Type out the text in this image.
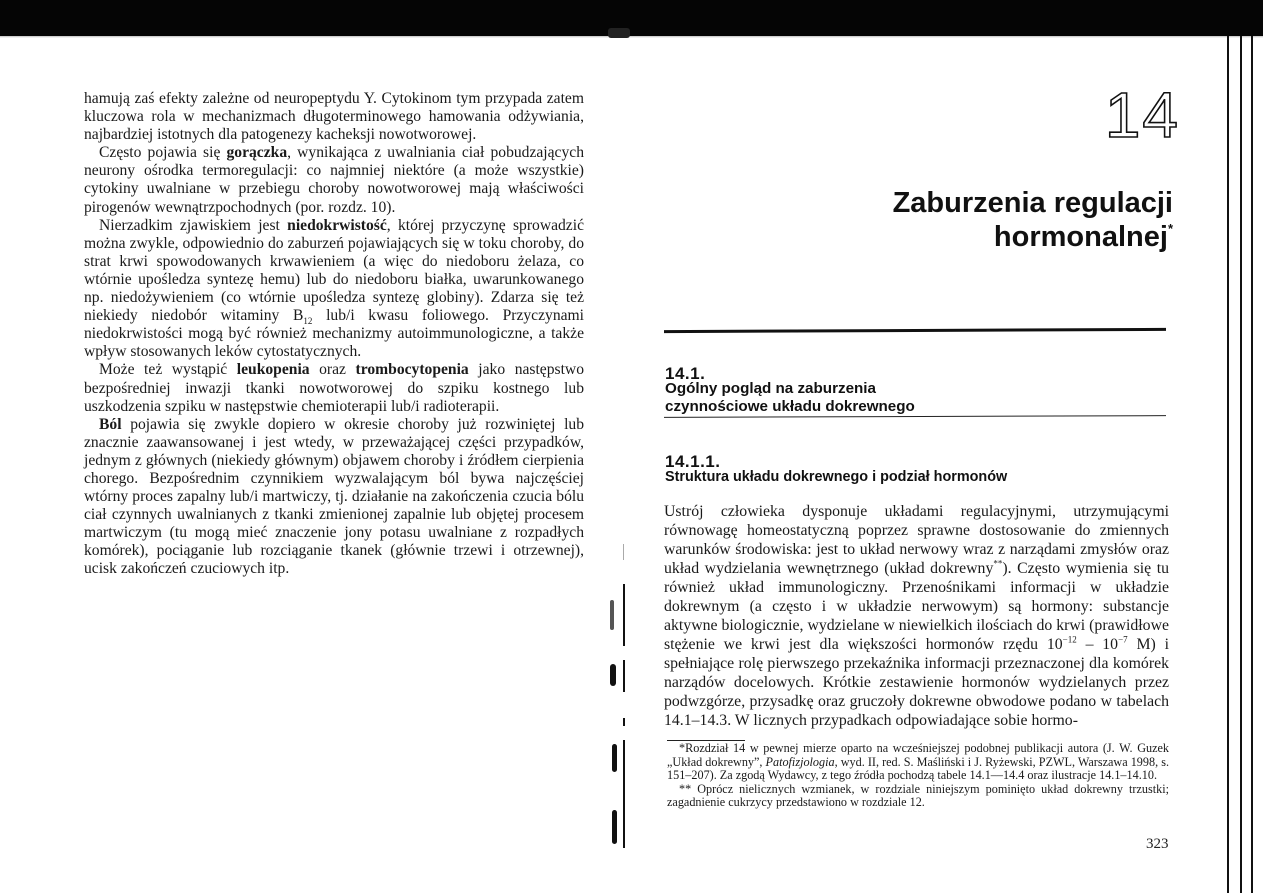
hamują zaś efekty zależne od neuropeptydu Y. Cytokinom tym przypada zatem kluczowa rola w mechanizmach długoterminowego hamowania odżywiania, najbardziej istotnych dla patogenezy kacheksji nowotworowej.

Często pojawia się gorączka, wynikająca z uwalniania ciał pobudzających neurony ośrodka termoregulacji: co najmniej niektóre (a może wszystkie) cytokiny uwalniane w przebiegu choroby nowotworowej mają właściwości pirogenów wewnątrzpochodnych (por. rozdz. 10).

Nierzadkim zjawiskiem jest niedokrwistość, której przyczynę sprowadzić można zwykle, odpowiednio do zaburzeń pojawiających się w toku choroby, do strat krwi spowodowanych krwawieniem (a więc do niedoboru żelaza, co wtórnie upośledza syntezę hemu) lub do niedoboru białka, uwarunkowanego np. niedożywieniem (co wtórnie upośledza syntezę globiny). Zdarza się też niekiedy niedobór witaminy $B_{12}$ lub/i kwasu foliowego. Przyczynami niedokrwistości mogą być również mechanizmy autoimmunologiczne, a także wpływ stosowanych leków cytostatycznych.

Może też wystąpić leukopenia oraz trombocytopenia jako następstwo bezpośredniej inwazji tkanki nowotworowej do szpiku kostnego lub uszkodzenia szpiku w następstwie chemioterapii lub/i radioterapii.

Ból pojawia się zwykle dopiero w okresie choroby już rozwiniętej lub znacznie zaawansowanej i jest wtedy, w przeważającej części przypadków, jednym z głównych (niekiedy głównym) objawem choroby i źródłem cierpienia chorego. Bezpośrednim czynnikiem wyzwalającym ból bywa najczęściej wtórny proces zapalny lub/i martwiczy, tj. działanie na zakończenia czucia bólu ciał czynnych uwalnianych z tkanki zmienionej zapalnie lub objętej procesem martwiczym (tu mogą mieć znaczenie jony potasu uwalniane z rozpadłych komórek), pociąganie lub rozciąganie tkanek (głównie trzewi i otrzewnej), ucisk zakończeń czuciowych itp.

14
Zaburzenia regulacji
hormonalnej*
14.1.
Ogólny pogląd na zaburzenia
czynnościowe układu dokrewnego
14.1.1.
Struktura układu dokrewnego i podział hormonów

Ustrój człowieka dysponuje układami regulacyjnymi, utrzymującymi równowagę homeostatyczną poprzez sprawne dostosowanie do zmiennych warunków środowiska: jest to układ nerwowy wraz z narządami zmysłów oraz układ wydzielania wewnętrznego (układ dokrewny**). Często wymienia się tu również układ immunologiczny. Przenośnikami informacji w układzie dokrewnym (a często i w układzie nerwowym) są hormony: substancje aktywne biologicznie, wydzielane w niewielkich ilościach do krwi (prawidłowe stężenie we krwi jest dla większości hormonów rzędu $10^{-12} - 10^{-7}$ M) i spełniające rolę pierwszego przekaźnika informacji przeznaczonej dla komórek narządów docelowych. Krótkie zestawienie hormonów wydzielanych przez podwzgórze, przysadkę oraz gruczoły dokrewne obwodowe podano w tabelach 14.1–14.3. W licznych przypadkach odpowiadające sobie hormo-

*Rozdział 14 w pewnej mierze oparto na wcześniejszej podobnej publikacji autora (J. W. Guzek „Układ dokrewny”, Patofizjologia, wyd. II, red. S. Maśliński i J. Ryżewski, PZWL, Warszawa 1998, s. 151–207). Za zgodą Wydawcy, z tego źródła pochodzą tabele 14.1––14.4 oraz ilustracje 14.1–14.10.

** Oprócz nielicznych wzmianek, w rozdziale niniejszym pominięto układ dokrewny trzustki; zagadnienie cukrzycy przedstawiono w rozdziale 12.

323
